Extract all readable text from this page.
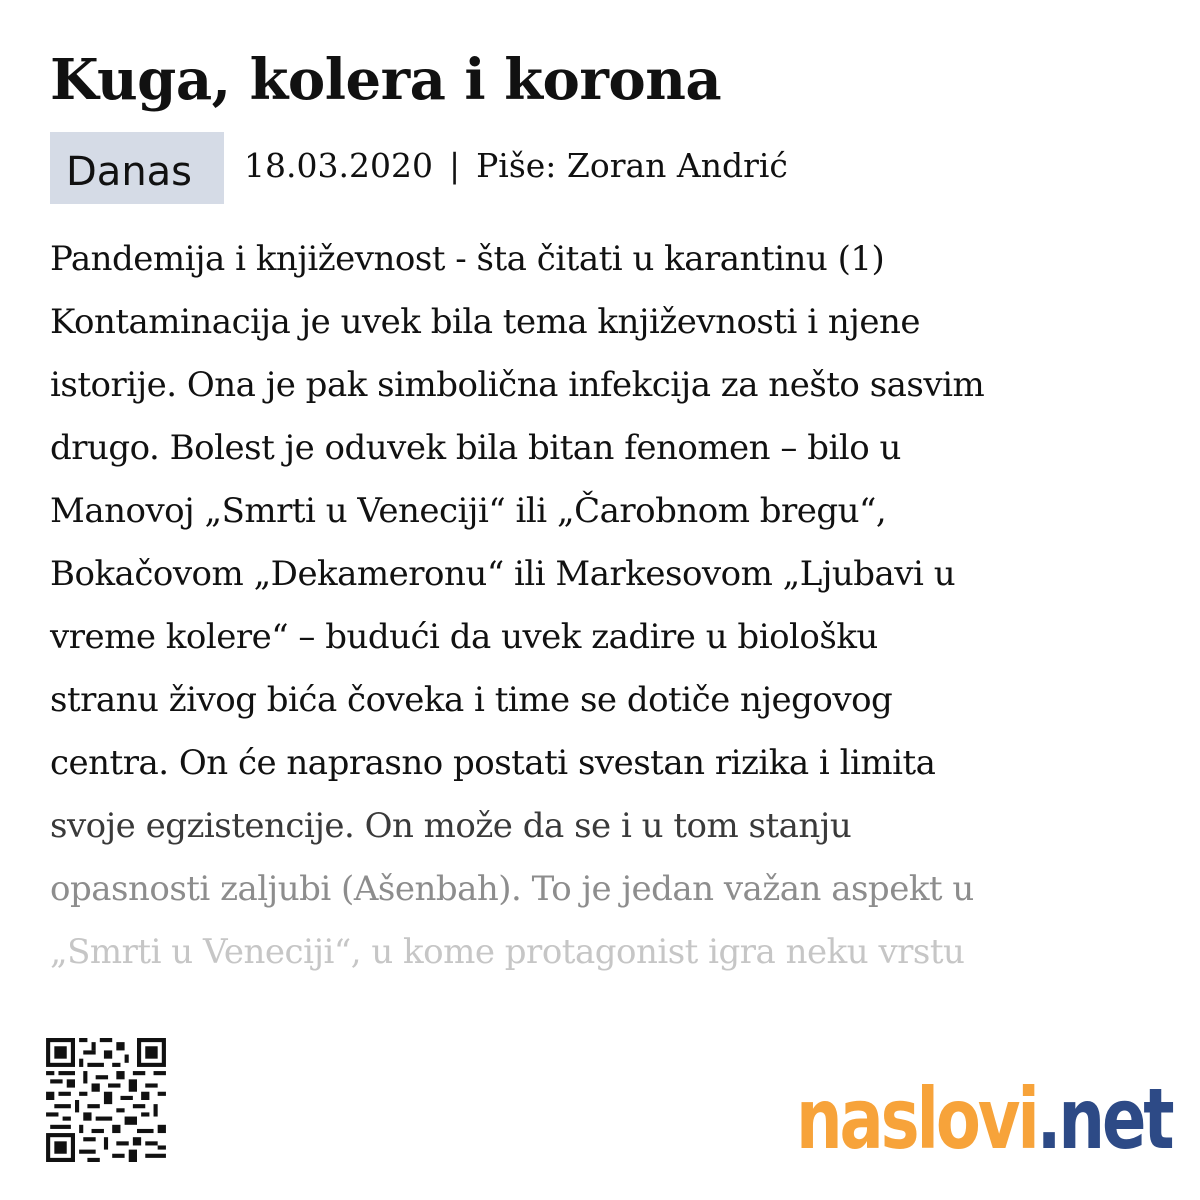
Kuga, kolera i korona
Danas	18.03.2020 | Piše: Zoran Andrić
Pandemija i književnost - šta čitati u karantinu (1)
Kontaminacija je uvek bila tema književnosti i njene
istorije. Ona je pak simbolična infekcija za nešto sasvim
drugo. Bolest je oduvek bila bitan fenomen – bilo u
Manovoj „Smrti u Veneciji“ ili „Čarobnom bregu“,
Bokačovom „Dekameronu“ ili Markesovom „Ljubavi u
vreme kolere“ – budući da uvek zadire u biološku
stranu živog bića čoveka i time se dotiče njegovog
centra. On će naprasno postati svestan rizika i limita
svoje egzistencije. On može da se i u tom stanju
opasnosti zaljubi (Ašenbah). To je jedan važan aspekt u
„Smrti u Veneciji“, u kome protagonist igra neku vrstu
naslovi.net
